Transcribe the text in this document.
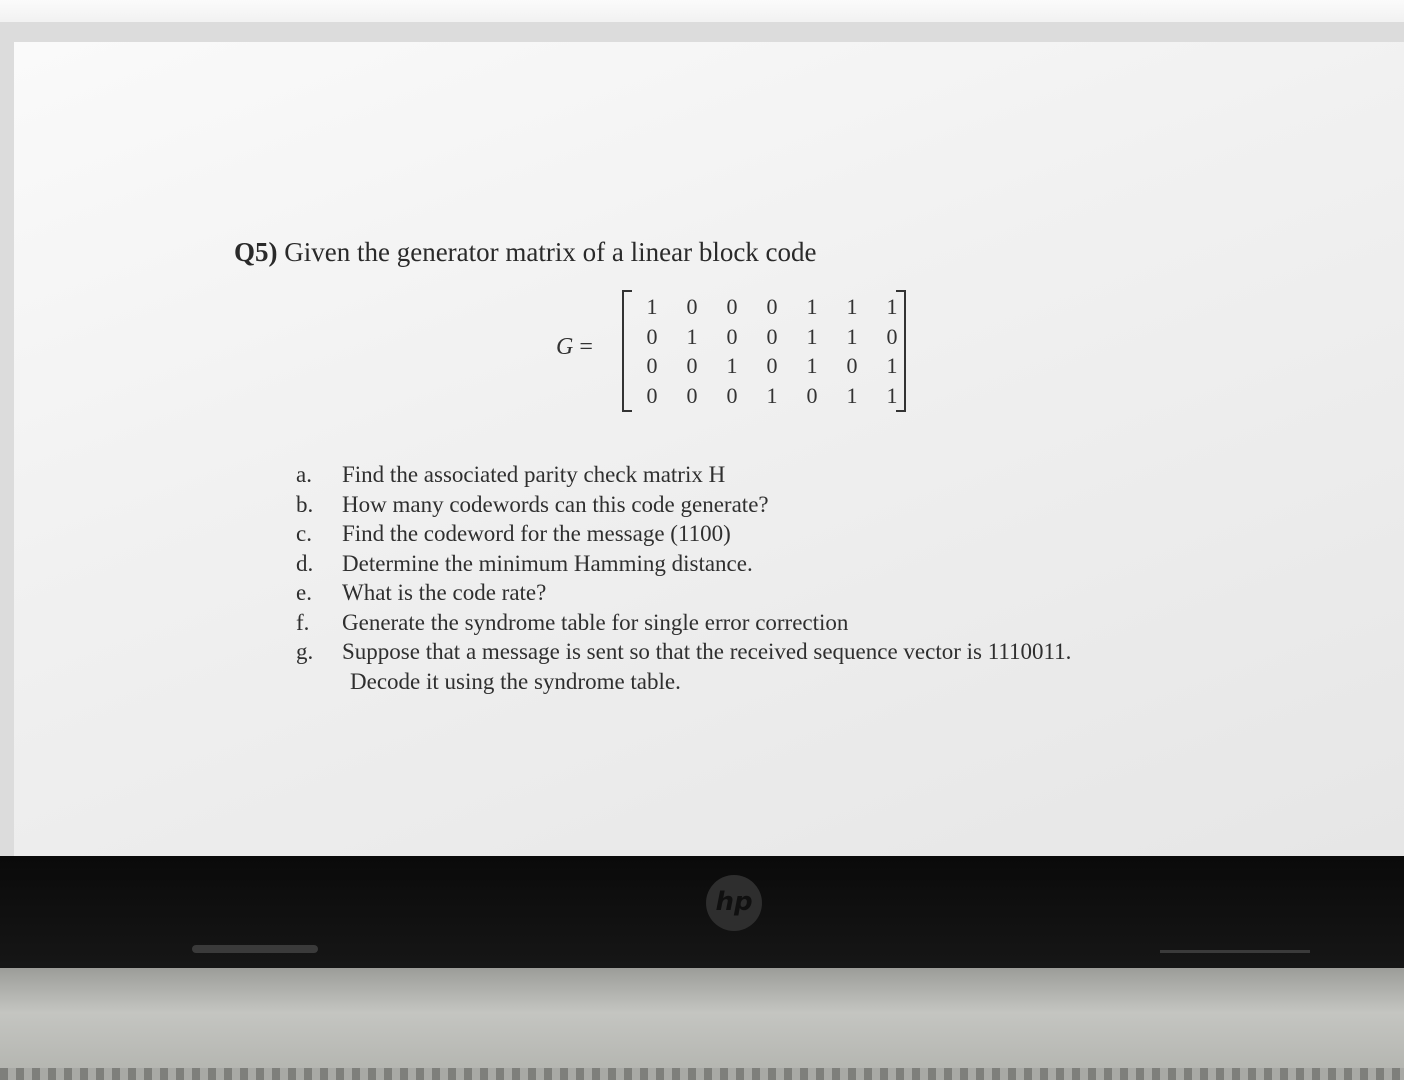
Q5) Given the generator matrix of a linear block code
G =
1	0	0	0	1	1	1
0	1	0	0	1	1	0
0	0	1	0	1	0	1
0	0	0	1	0	1	1
a.	Find the associated parity check matrix H
b.	How many codewords can this code generate?
c.	Find the codeword for the message (1100)
d.	Determine the minimum Hamming distance.
e.	What is the code rate?
f.	Generate the syndrome table for single error correction
g.	Suppose that a message is sent so that the received sequence vector is 1110011.
Decode it using the syndrome table.
hp
